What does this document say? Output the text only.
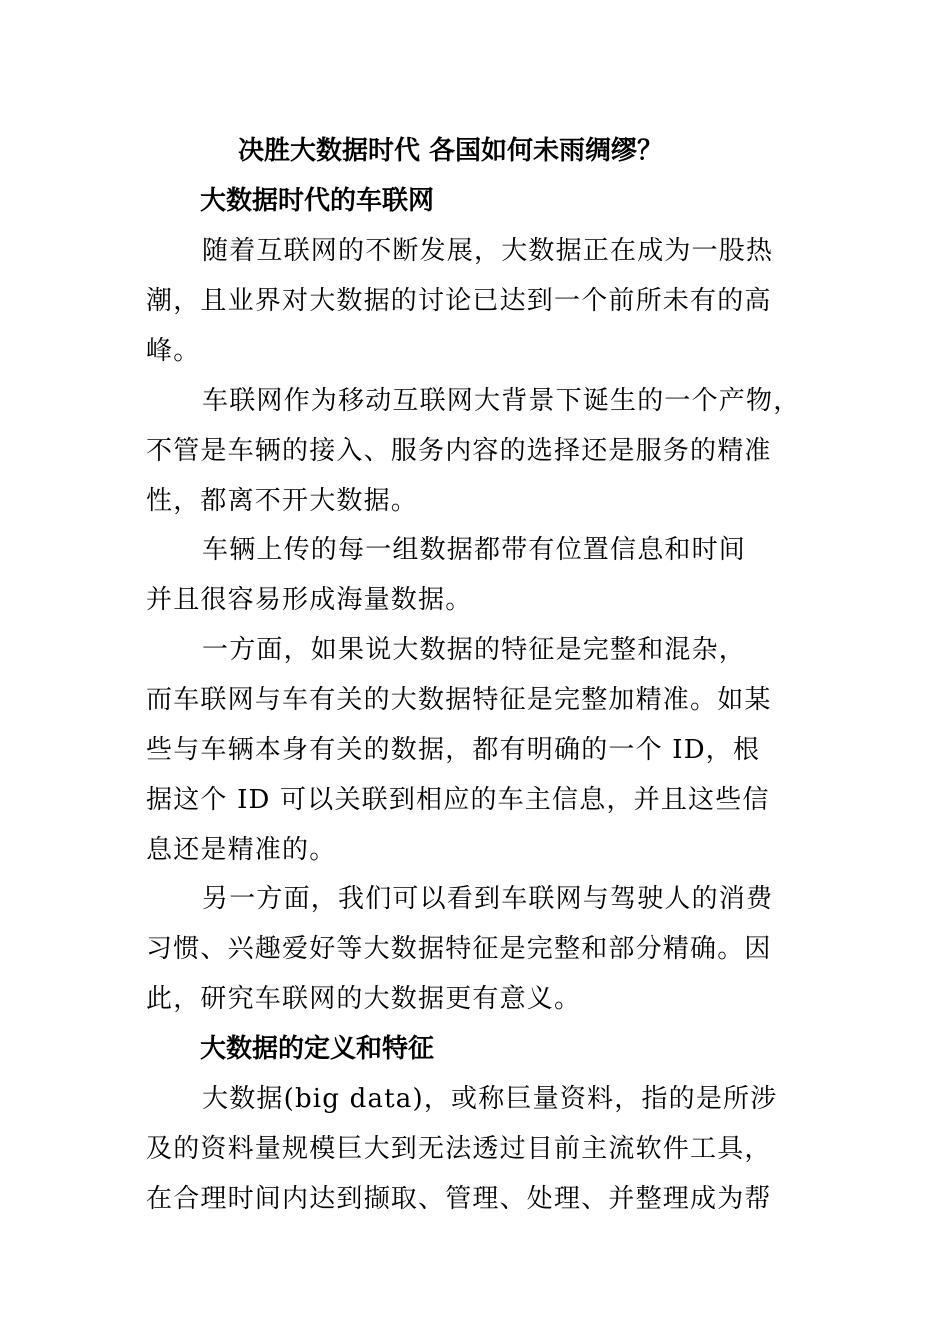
决胜大数据时代 各国如何未雨绸缪？
大数据时代的车联网
随着互联网的不断发展，大数据正在成为一股热
潮，且业界对大数据的讨论已达到一个前所未有的高
峰。
车联网作为移动互联网大背景下诞生的一个产物，
不管是车辆的接入、服务内容的选择还是服务的精准
性，都离不开大数据。
车辆上传的每一组数据都带有位置信息和时间
并且很容易形成海量数据。
一方面，如果说大数据的特征是完整和混杂，
而车联网与车有关的大数据特征是完整加精准。如某
些与车辆本身有关的数据，都有明确的一个 ID，根
据这个 ID 可以关联到相应的车主信息，并且这些信
息还是精准的。
另一方面，我们可以看到车联网与驾驶人的消费
习惯、兴趣爱好等大数据特征是完整和部分精确。因
此，研究车联网的大数据更有意义。
大数据的定义和特征
大数据(big data)，或称巨量资料，指的是所涉
及的资料量规模巨大到无法透过目前主流软件工具，
在合理时间内达到撷取、管理、处理、并整理成为帮
